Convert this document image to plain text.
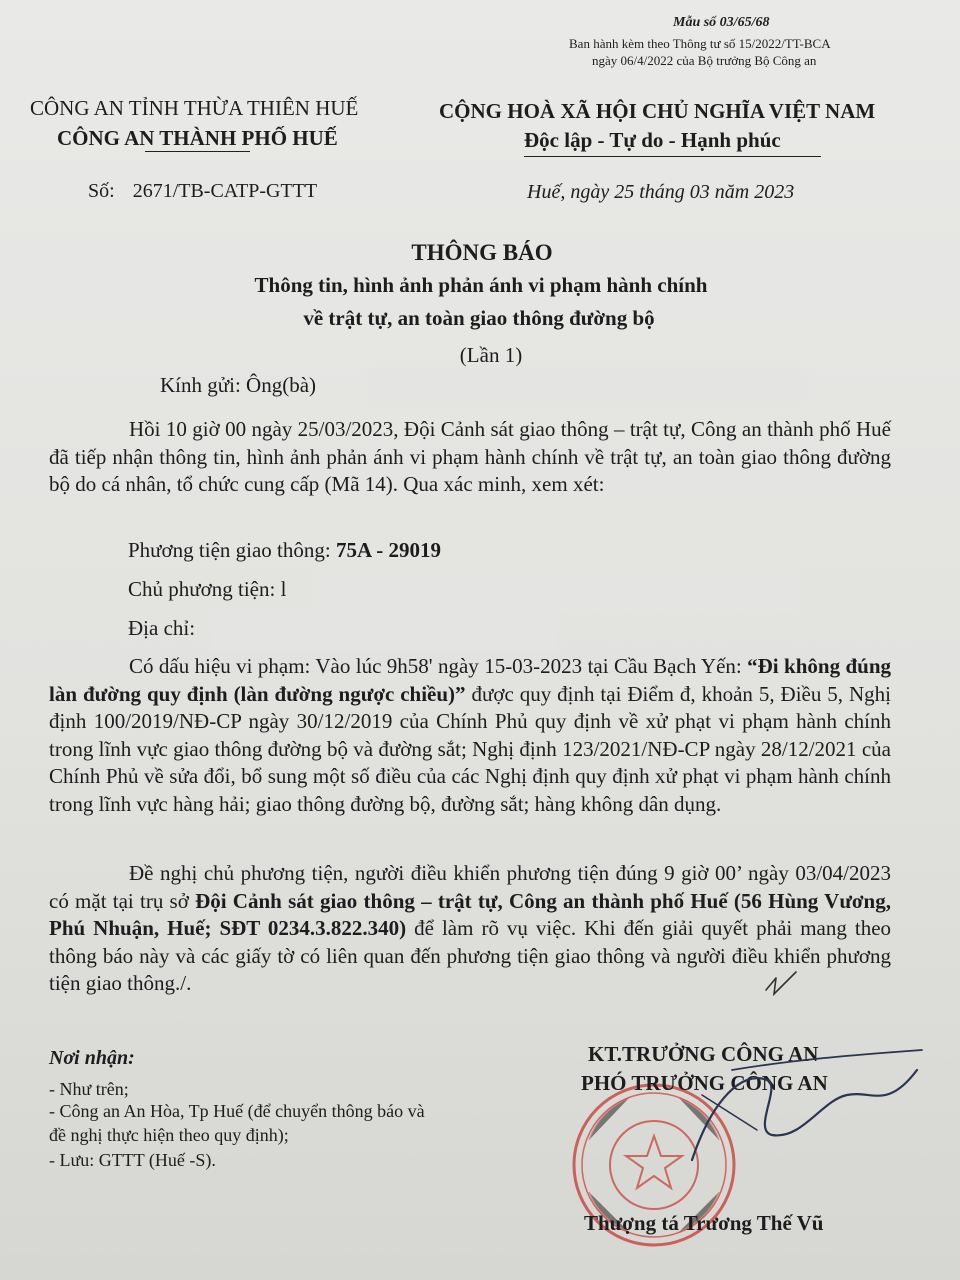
Mẫu số 03/65/68
Ban hành kèm theo Thông tư số 15/2022/TT-BCA
ngày 06/4/2022 của Bộ trưởng Bộ Công an
CÔNG AN TỈNH THỪA THIÊN HUẾ
CÔNG AN THÀNH PHỐ HUẾ
CỘNG HOÀ XÃ HỘI CHỦ NGHĨA VIỆT NAM
Độc lập - Tự do - Hạnh phúc
Số: 2671/TB-CATP-GTTT	Huế, ngày 25 tháng 03 năm 2023
THÔNG BÁO
Thông tin, hình ảnh phản ánh vi phạm hành chính
về trật tự, an toàn giao thông đường bộ
(Lần 1)
Kính gửi: Ông(bà)
Hồi 10 giờ 00 ngày 25/03/2023, Đội Cảnh sát giao thông – trật tự, Công an thành phố Huế đã tiếp nhận thông tin, hình ảnh phản ánh vi phạm hành chính về trật tự, an toàn giao thông đường bộ do cá nhân, tổ chức cung cấp (Mã 14). Qua xác minh, xem xét:
Phương tiện giao thông: 75A - 29019
Chủ phương tiện: l
Địa chỉ:
Có dấu hiệu vi phạm: Vào lúc 9h58' ngày 15-03-2023 tại Cầu Bạch Yến: “Đi không đúng làn đường quy định (làn đường ngược chiều)” được quy định tại Điểm đ, khoản 5, Điều 5, Nghị định 100/2019/NĐ-CP ngày 30/12/2019 của Chính Phủ quy định về xử phạt vi phạm hành chính trong lĩnh vực giao thông đường bộ và đường sắt; Nghị định 123/2021/NĐ-CP ngày 28/12/2021 của Chính Phủ về sửa đổi, bổ sung một số điều của các Nghị định quy định xử phạt vi phạm hành chính trong lĩnh vực hàng hải; giao thông đường bộ, đường sắt; hàng không dân dụng.
Đề nghị chủ phương tiện, người điều khiển phương tiện đúng 9 giờ 00’ ngày 03/04/2023 có mặt tại trụ sở Đội Cảnh sát giao thông – trật tự, Công an thành phố Huế (56 Hùng Vương, Phú Nhuận, Huế; SĐT 0234.3.822.340) để làm rõ vụ việc. Khi đến giải quyết phải mang theo thông báo này và các giấy tờ có liên quan đến phương tiện giao thông và người điều khiển phương tiện giao thông./.
Nơi nhận:
- Như trên;
- Công an An Hòa, Tp Huế (để chuyển thông báo và
đề nghị thực hiện theo quy định);
- Lưu: GTTT (Huế -S).
KT.TRƯỞNG CÔNG AN
PHÓ TRƯỞNG CÔNG AN
Thượng tá Trương Thế Vũ
